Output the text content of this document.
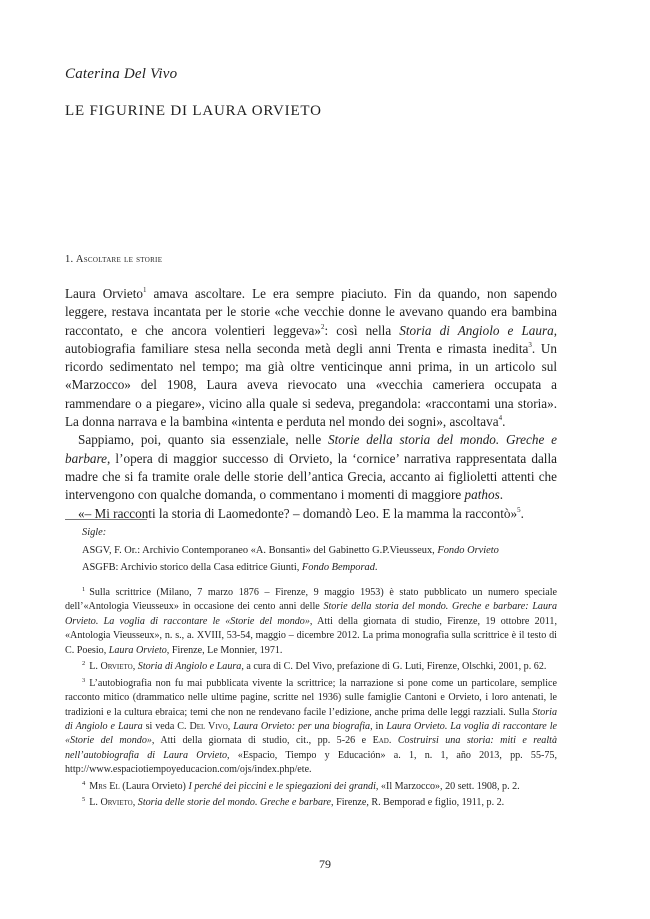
Caterina Del Vivo
LE FIGURINE DI LAURA ORVIETO
1. Ascoltare le storie

Laura Orvieto$^1$ amava ascoltare. Le era sempre piaciuto. Fin da quando, non sapendo leggere, restava incantata per le storie «che vecchie donne le avevano quando era bambina raccontato, e che ancora volentieri leggeva»$^2$: così nella Storia di Angiolo e Laura, autobiografia familiare stesa nella seconda metà degli anni Trenta e rimasta inedita$^3$. Un ricordo sedimentato nel tempo; ma già oltre venticinque anni prima, in un articolo sul «Marzocco» del 1908, Laura aveva rievocato una «vecchia cameriera occupata a rammendare o a piegare», vicino alla quale si sedeva, pregandola: «raccontami una storia». La donna narrava e la bambina «intenta e perduta nel mondo dei sogni», ascoltava$^4$.

Sappiamo, poi, quanto sia essenziale, nelle Storie della storia del mondo. Greche e barbare, l’opera di maggior successo di Orvieto, la ‘cornice’ narrativa rappresentata dalla madre che si fa tramite orale delle storie dell’antica Grecia, accanto ai figlioletti attenti che intervengono con qualche domanda, o commentano i momenti di maggiore pathos.

«– Mi racconti la storia di Laomedonte? – domandò Leo. E la mamma la raccontò»$^5$.

Sigle:
ASGV, F. Or.: Archivio Contemporaneo «A. Bonsanti» del Gabinetto G.P.Vieusseux, Fondo Orvieto
ASGFB: Archivio storico della Casa editrice Giunti, Fondo Bemporad.

$^1$ Sulla scrittrice (Milano, 7 marzo 1876 – Firenze, 9 maggio 1953) è stato pubblicato un numero speciale dell’«Antologia Vieusseux» in occasione dei cento anni delle Storie della storia del mondo. Greche e barbare: Laura Orvieto. La voglia di raccontare le «Storie del mondo», Atti della giornata di studio, Firenze, 19 ottobre 2011, «Antologia Vieusseux», n. s., a. XVIII, 53-54, maggio – dicembre 2012. La prima monografia sulla scrittrice è il testo di C. Poesio, Laura Orvieto, Firenze, Le Monnier, 1971.

$^2$ L. Orvieto, Storia di Angiolo e Laura, a cura di C. Del Vivo, prefazione di G. Luti, Firenze, Olschki, 2001, p. 62.

$^3$ L’autobiografia non fu mai pubblicata vivente la scrittrice; la narrazione si pone come un particolare, semplice racconto mitico (drammatico nelle ultime pagine, scritte nel 1936) sulle famiglie Cantoni e Orvieto, i loro antenati, le tradizioni e la cultura ebraica; temi che non ne rendevano facile l’edizione, anche prima delle leggi razziali. Sulla Storia di Angiolo e Laura si veda C. Del Vivo, Laura Orvieto: per una biografia, in Laura Orvieto. La voglia di raccontare le «Storie del mondo», Atti della giornata di studio, cit., pp. 5-26 e Ead. Costruirsi una storia: miti e realtà nell’autobiografia di Laura Orvieto, «Espacio, Tiempo y Educación» a. 1, n. 1, año 2013, pp. 55-75, http://www.espaciotiempoyeducacion.com/ojs/index.php/ete.

$^4$ Mrs El (Laura Orvieto) I perché dei piccini e le spiegazioni dei grandi, «Il Marzocco», 20 sett. 1908, p. 2.

$^5$ L. Orvieto, Storia delle storie del mondo. Greche e barbare, Firenze, R. Bemporad e figlio, 1911, p. 2.

79
